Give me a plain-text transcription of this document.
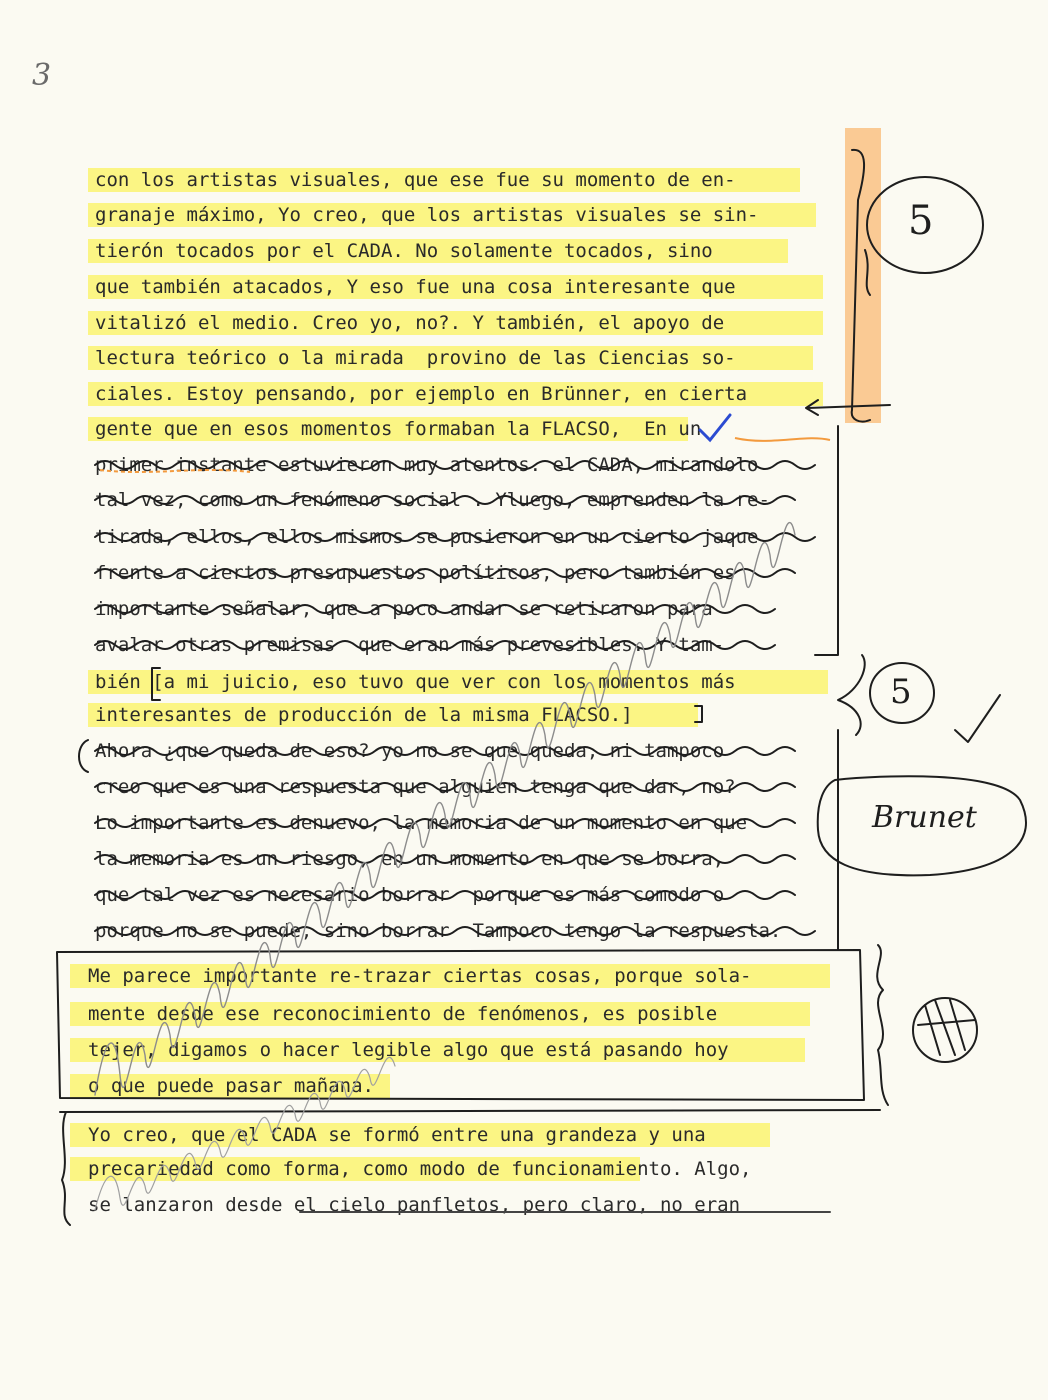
3
con los artistas visuales, que ese fue su momento de en-
granaje máximo, Yo creo, que los artistas visuales se sin-
tierón tocados por el CADA. No solamente tocados, sino
que también atacados, Y eso fue una cosa interesante que
vitalizó el medio. Creo yo, no?. Y también, el apoyo de
lectura teórico o la mirada  provino de las Ciencias so-
ciales. Estoy pensando, por ejemplo en Brünner, en cierta
gente que en esos momentos formaban la FLACSO,  En un
primer instante estuvieron muy atentos. el CADA, mirandolo
tal vez, como un fenómeno social . Yluego, emprenden la re-
tirada, ellos, ellos mismos se pusieron en un cierto jaque
frente a ciertos presupuestos políticos, pero también es
importante señalar, que a poco andar se retiraron para
avalar otras premisas  que eran más prevesibles. Y tam-
bién [a mi juicio, eso tuvo que ver con los momentos más
interesantes de producción de la misma FLACSO.]
Ahora ¿que queda de eso? yo no se que queda, ni tampoco
creo que es una respuesta que alguien tenga que dar, no?
Lo importante es denuevo, la memoria de un momento en que
la memoria es un riesgo, en un momento en que se borra,
que tal vez es necesario borrar  porque es más comodo o
porque no se puede, sino borrar  Tampoco tengo la respuesta.
Me parece importante re-trazar ciertas cosas, porque sola-
mente desde ese reconocimiento de fenómenos, es posible
tejer, digamos o hacer legible algo que está pasando hoy
o que puede pasar mañana.
Yo creo, que el CADA se formó entre una grandeza y una
precariedad como forma, como modo de funcionamiento. Algo,
se lanzaron desde el cielo panfletos, pero claro, no eran
5
5
Brunet
